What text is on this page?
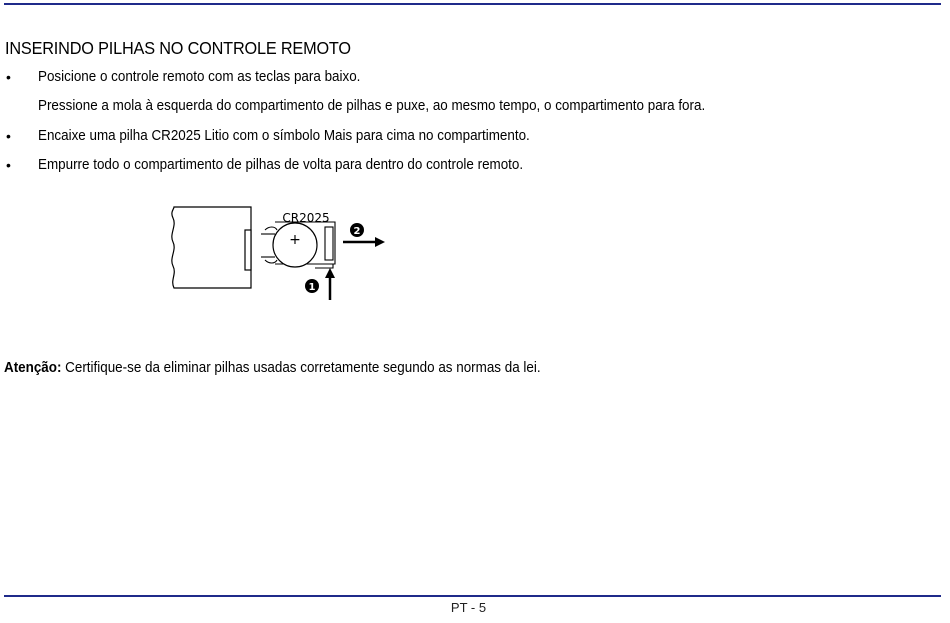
INSERINDO PILHAS NO CONTROLE REMOTO
• Posicione o controle remoto com as teclas para baixo.
Pressione a mola à esquerda do compartimento de pilhas e puxe, ao mesmo tempo, o compartimento para fora.
• Encaixe uma pilha CR2025 Litio com o símbolo Mais para cima no compartimento.
• Empurre todo o compartimento de pilhas de volta para dentro do controle remoto.
+
CR2025
2
1
Atenção: Certifique-se da eliminar pilhas usadas corretamente segundo as normas da lei.
PT - 5
